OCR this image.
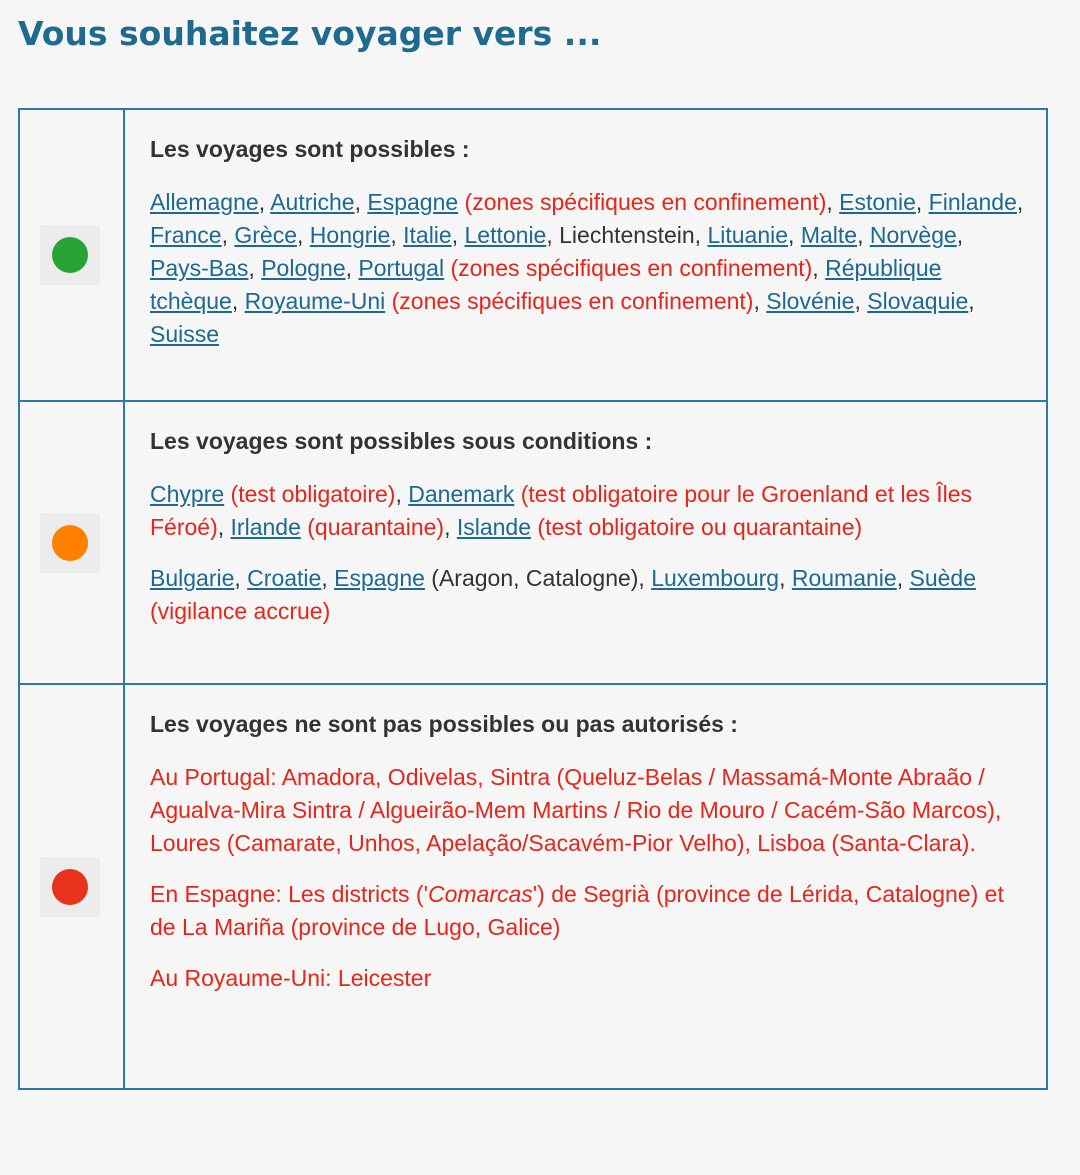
Vous souhaitez voyager vers ...

	Les voyages sont possibles :

Allemagne, Autriche, Espagne (zones spécifiques en confinement), Estonie, Finlande, France, Grèce, Hongrie, Italie, Lettonie, Liechtenstein, Lituanie, Malte, Norvège, Pays-Bas, Pologne, Portugal (zones spécifiques en confinement), République tchèque, Royaume-Uni (zones spécifiques en confinement), Slovénie, Slovaquie, Suisse

	Les voyages sont possibles sous conditions :

Chypre (test obligatoire), Danemark (test obligatoire pour le Groenland et les Îles Féroé), Irlande (quarantaine), Islande (test obligatoire ou quarantaine)

Bulgarie, Croatie, Espagne (Aragon, Catalogne), Luxembourg, Roumanie, Suède (vigilance accrue)

	Les voyages ne sont pas possibles ou pas autorisés :

Au Portugal: Amadora, Odivelas, Sintra (Queluz-Belas / Massamá-Monte Abraão / Agualva-Mira Sintra / Algueirão-Mem Martins / Rio de Mouro / Cacém-São Marcos), Loures (Camarate, Unhos, Apelação/Sacavém-Pior Velho), Lisboa (Santa-Clara).

En Espagne: Les districts ('Comarcas') de Segrià (province de Lérida, Catalogne) et de La Mariña (province de Lugo, Galice)

Au Royaume-Uni: Leicester
